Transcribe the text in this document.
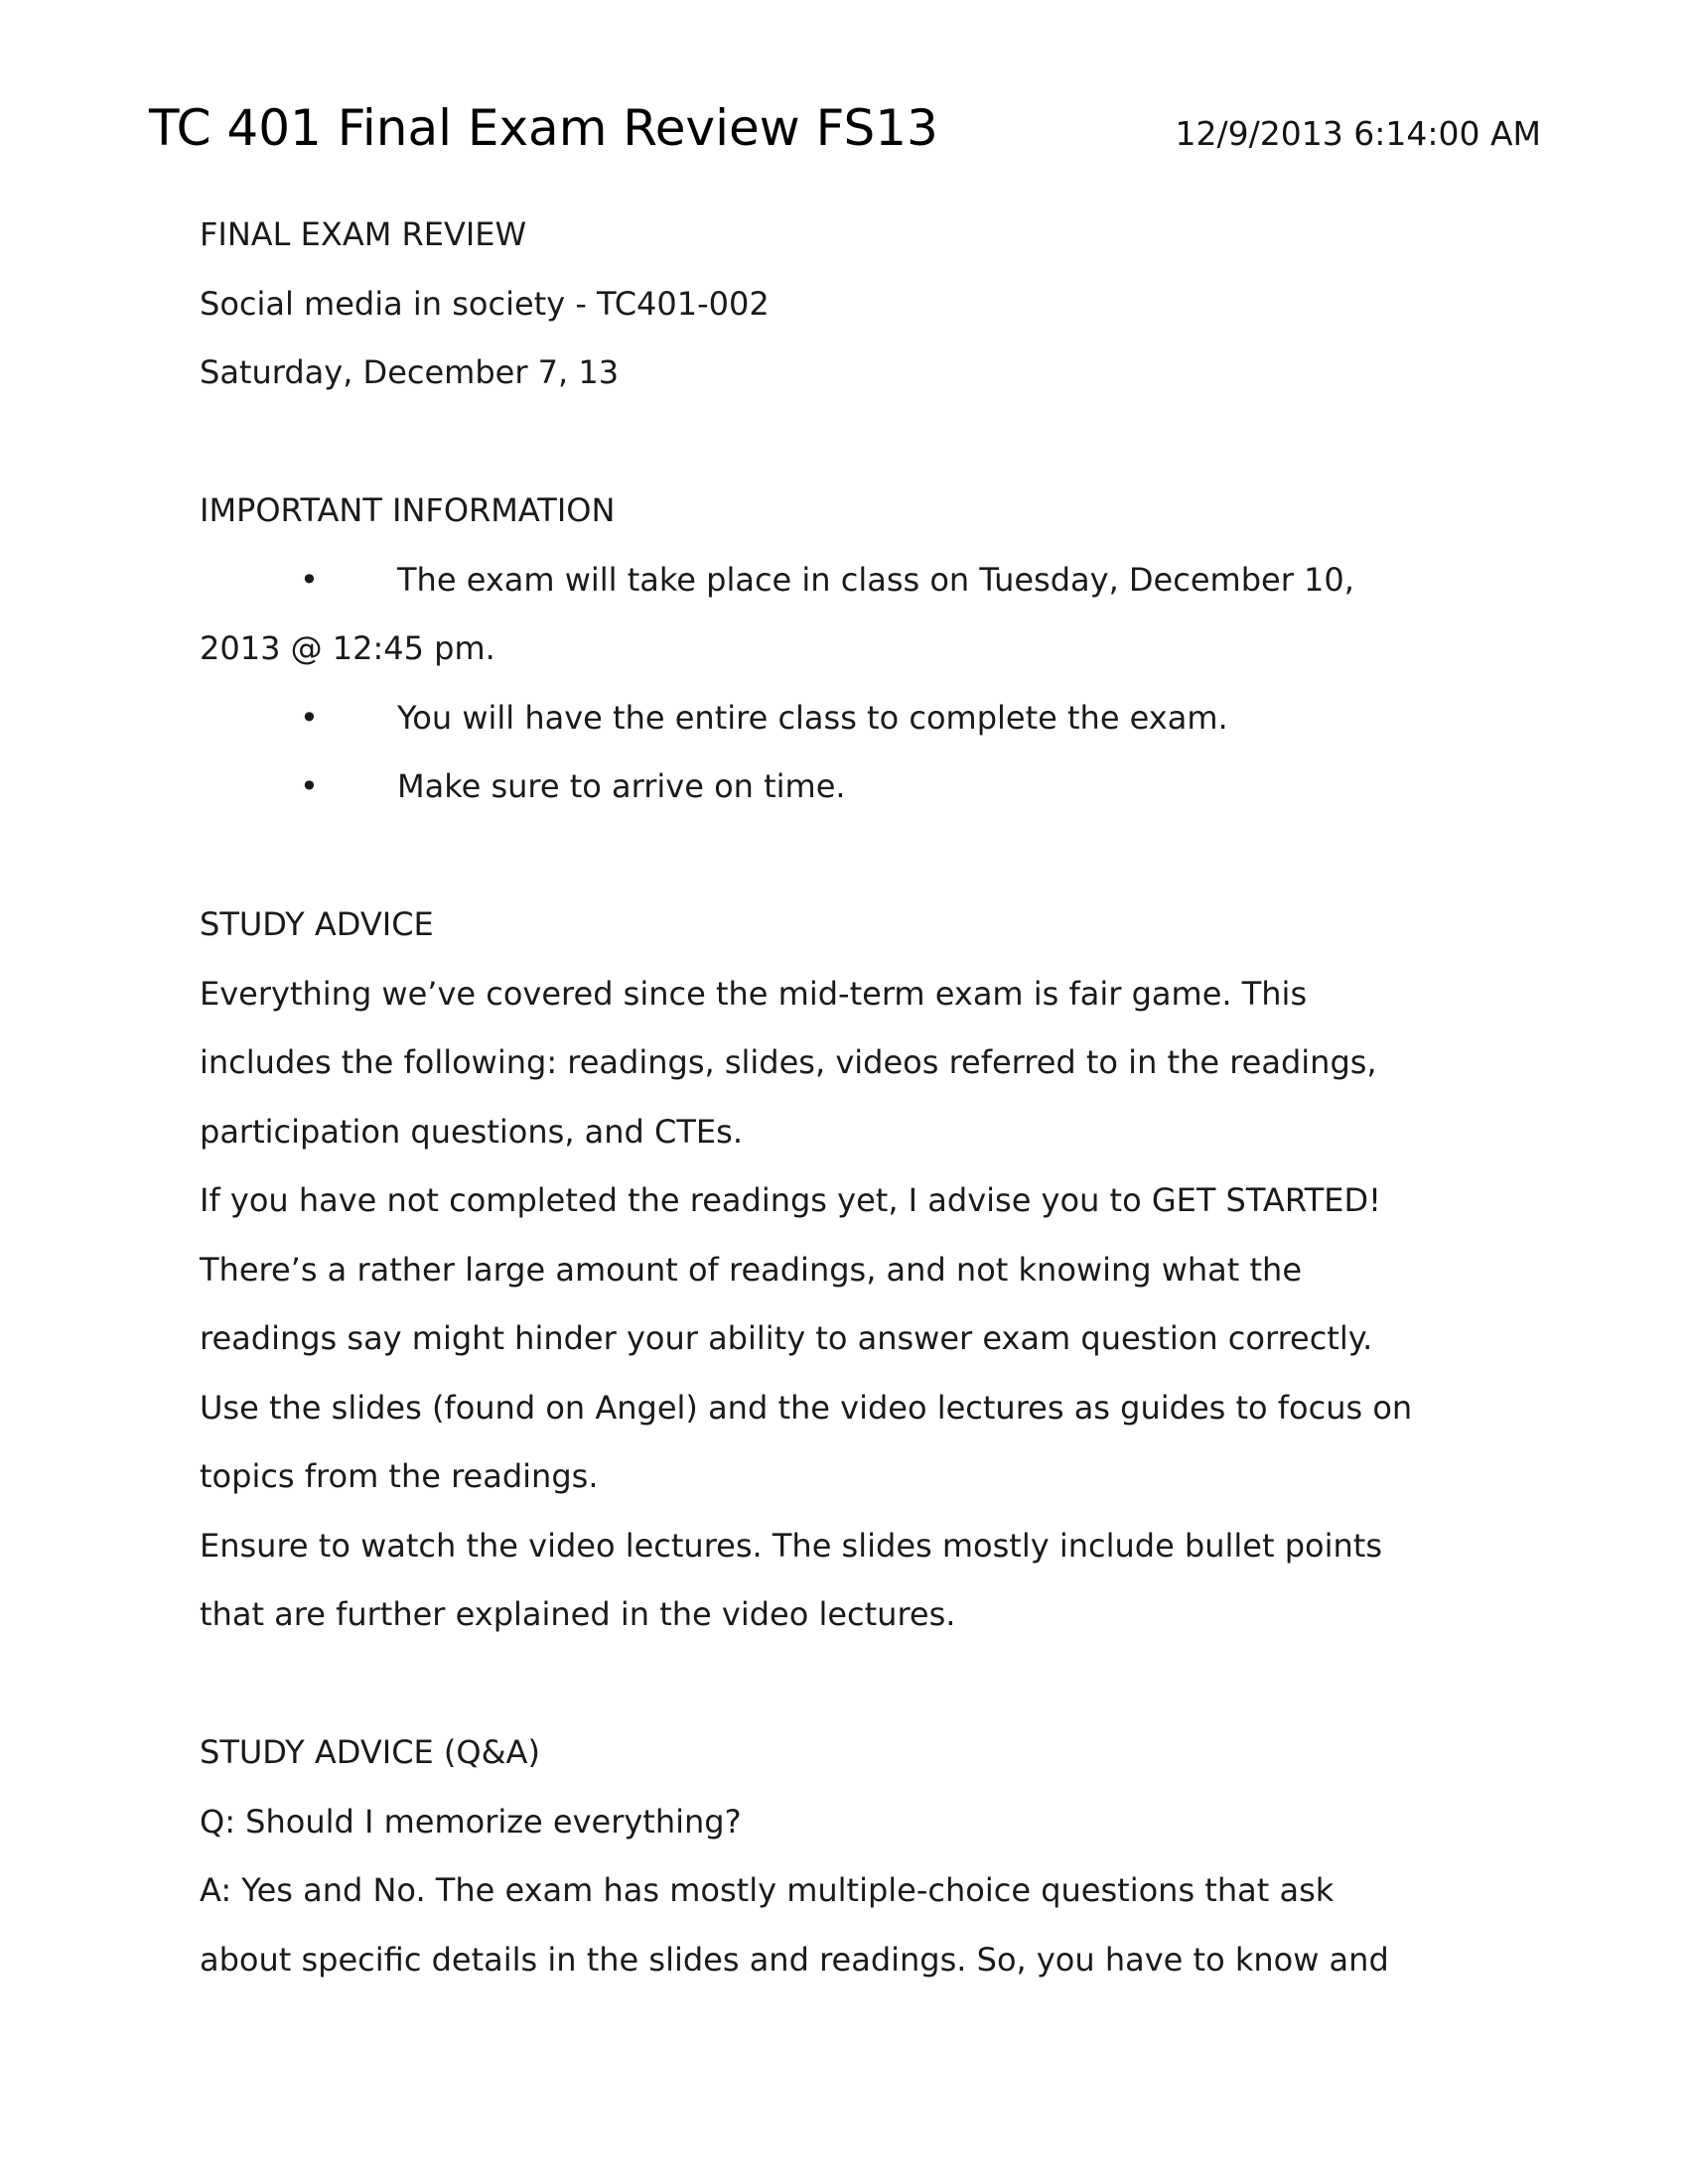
TC 401 Final Exam Review FS13	12/9/2013 6:14:00 AM
FINAL EXAM REVIEW
Social media in society - TC401-002
Saturday, December 7, 13
IMPORTANT INFORMATION
• The exam will take place in class on Tuesday, December 10,
2013 @ 12:45 pm.
• You will have the entire class to complete the exam.
• Make sure to arrive on time.
STUDY ADVICE
Everything we’ve covered since the mid-term exam is fair game. This
includes the following: readings, slides, videos referred to in the readings,
participation questions, and CTEs.
If you have not completed the readings yet, I advise you to GET STARTED!
There’s a rather large amount of readings, and not knowing what the
readings say might hinder your ability to answer exam question correctly.
Use the slides (found on Angel) and the video lectures as guides to focus on
topics from the readings.
Ensure to watch the video lectures. The slides mostly include bullet points
that are further explained in the video lectures.
STUDY ADVICE (Q&A)
Q: Should I memorize everything?
A: Yes and No. The exam has mostly multiple-choice questions that ask
about specific details in the slides and readings. So, you have to know and
